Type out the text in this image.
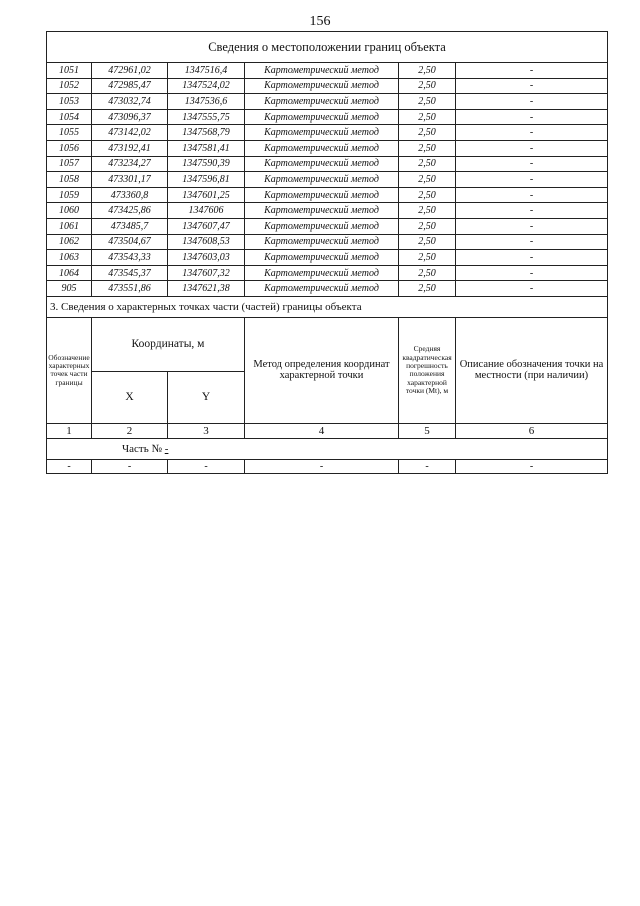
156
Сведения о местоположении границ объекта					
1051	472961,02	1347516,4	Картометрический метод	2,50	-
1052	472985,47	1347524,02	Картометрический метод	2,50	-
1053	473032,74	1347536,6	Картометрический метод	2,50	-
1054	473096,37	1347555,75	Картометрический метод	2,50	-
1055	473142,02	1347568,79	Картометрический метод	2,50	-
1056	473192,41	1347581,41	Картометрический метод	2,50	-
1057	473234,27	1347590,39	Картометрический метод	2,50	-
1058	473301,17	1347596,81	Картометрический метод	2,50	-
1059	473360,8	1347601,25	Картометрический метод	2,50	-
1060	473425,86	1347606	Картометрический метод	2,50	-
1061	473485,7	1347607,47	Картометрический метод	2,50	-
1062	473504,67	1347608,53	Картометрический метод	2,50	-
1063	473543,33	1347603,03	Картометрический метод	2,50	-
1064	473545,37	1347607,32	Картометрический метод	2,50	-
905	473551,86	1347621,38	Картометрический метод	2,50	-
3. Сведения о характерных точках части (частей) границы объекта					
Обозначение характерных точек части границы	Координаты, м		Метод определения координат характерной точки	Средняя квадратическая погрешность положения характерной точки (Mt), м	Описание обозначения точки на местности (при наличии)
	X	Y			
1	2	3	4	5	6
Часть № -					
-	-	-	-	-	-
